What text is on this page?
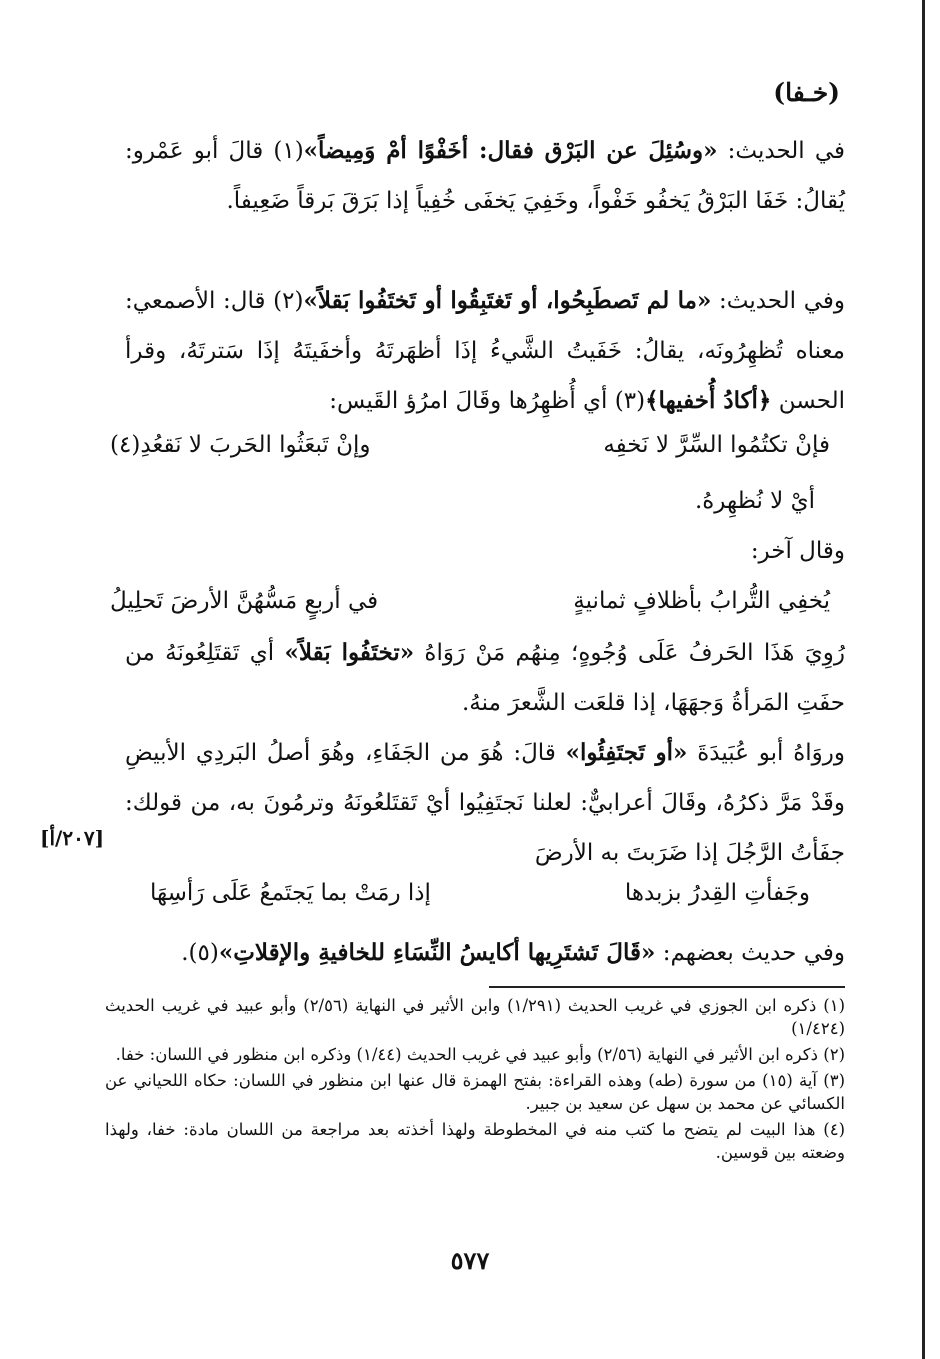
(خـفا)

في الحديث: «وسُئِلَ عن البَرْق فقال: أخَفْوًا أمْ وَمِيضاً»(١) قالَ أبو عَمْرو: يُقالُ: خَفَا البَرْقُ يَخفُو خَفْواً، وخَفِيَ يَخفَى خُفِياً إذا بَرَقَ بَرقاً ضَعِيفاً.

وفي الحديث: «ما لم تَصطَبِحُوا، أو تَغتَبِقُوا أو تَختَفُوا بَقلاً»(٢) قال: الأصمعي: معناه تُظهِرُونَه، يقالُ: خَفَيتُ الشَّيءُ إذَا أظهَرتَهُ وأخفَيتَهُ إذَا سَترتَهُ، وقرأ الحسن ﴿أكادُ أُخفيها﴾(٣) أي أُظهِرُها وقَالَ امرُؤ القَيس:

فإنْ تكتُمُوا السِّرَّ لا نَخفِه
وإنْ تَبعَثُوا الحَربَ لا نَقعُدِ(٤)

أيْ لا نُظهِرهُ.

وقال آخر:

يُخفِي التُّرابُ بأظلافٍ ثمانيةٍ
في أربعٍ مَسُّهُنَّ الأرضَ تَحلِيلُ

رُوِيَ هَذَا الحَرفُ عَلَى وُجُوهٍ؛ مِنهُم مَنْ رَوَاهُ «تختَفُوا بَقلاً» أي تَقتَلِعُونَهُ من حفَتِ المَرأةُ وَجهَهَا، إذا قلعَت الشَّعرَ منهُ.

وروَاهُ أبو عُبَيدَةَ «أو تَجتَفِئُوا» قالَ: هُوَ من الجَفَاءِ، وهُوَ أصلُ البَردِي الأبيضِ وقَدْ مَرَّ ذكرُهُ، وقَالَ أعرابيٌّ: لعلنا نَجتَفِيُوا أيْ تَقتَلعُونَهُ وترمُونَ به، من قولك: جفَأتُ الرَّجُلَ إذا ضَرَبتَ به الأرضَ

[٢٠٧/أ]
وجَفأتِ القِدرُ بزبدها
إذا رمَتْ بما يَجتَمعُ عَلَى رَأسِهَا

وفي حديث بعضهم: «قَالَ تَشتَرِيها أكايسُ النِّسَاءِ للخافيةِ والإقلاتِ»(٥).

(١) ذكره ابن الجوزي في غريب الحديث (١/٢٩١) وابن الأثير في النهاية (٢/٥٦) وأبو عبيد في غريب الحديث (١/٤٢٤)

(٢) ذكره ابن الأثير في النهاية (٢/٥٦) وأبو عبيد في غريب الحديث (١/٤٤) وذكره ابن منظور في اللسان: خفا.

(٣) آية (١٥) من سورة (طه) وهذه القراءة: بفتح الهمزة قال عنها ابن منظور في اللسان: حكاه اللحياني عن الكسائي عن محمد بن سهل عن سعيد بن جبير.

(٤) هذا البيت لم يتضح ما كتب منه في المخطوطة ولهذا أخذته بعد مراجعة من اللسان مادة: خفا، ولهذا وضعته بين قوسين.

٥٧٧
